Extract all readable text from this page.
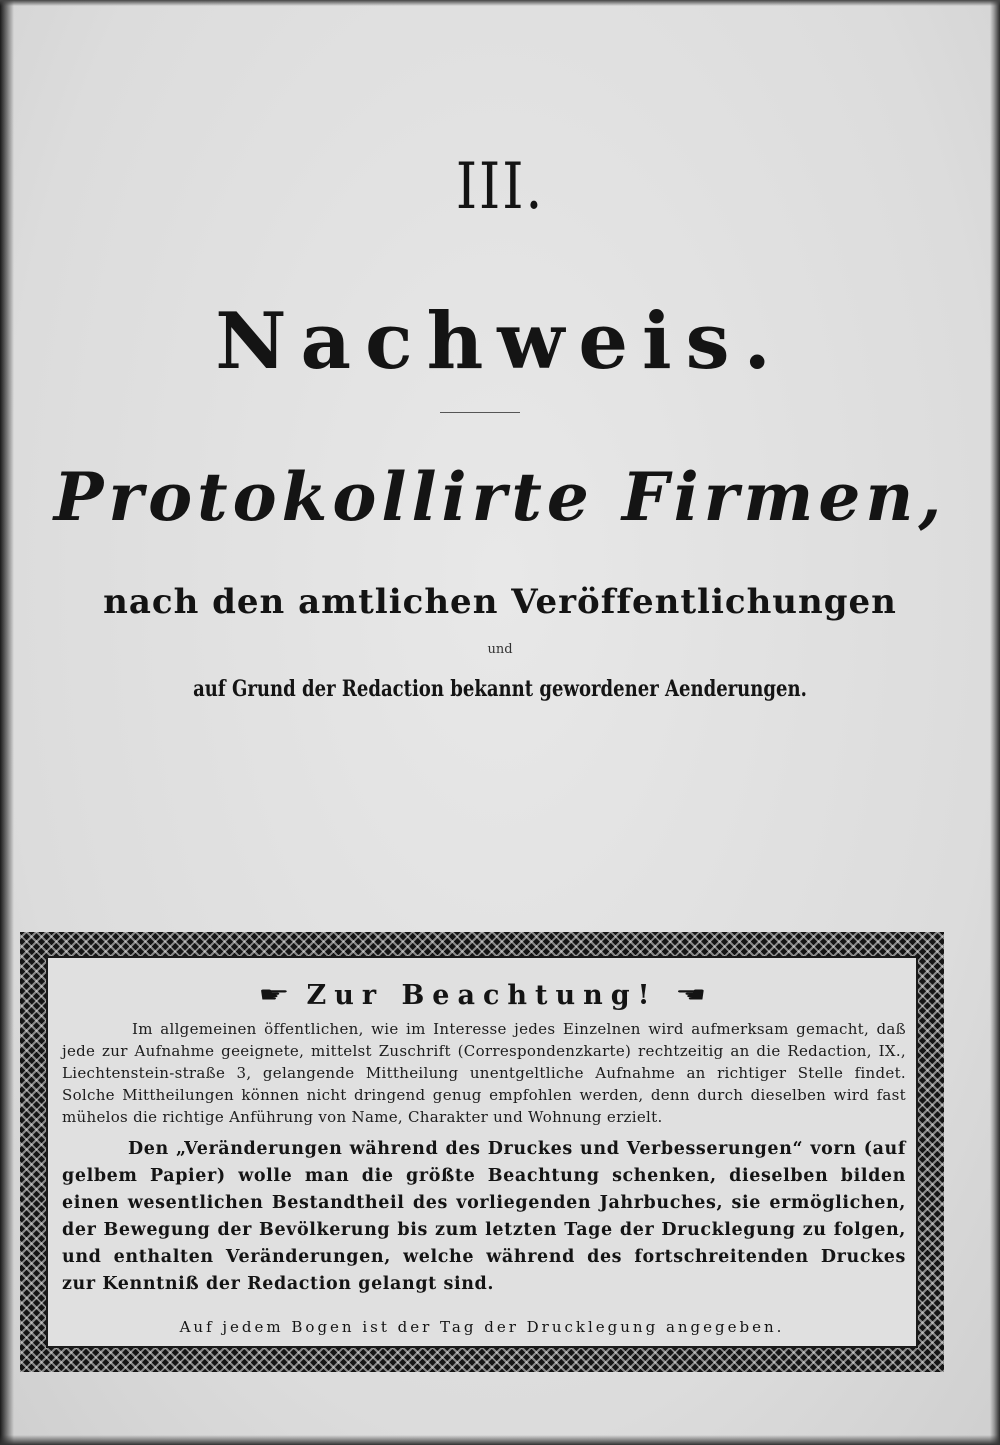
III.
Nachweis.
Protokollirte Firmen,
nach den amtlichen Veröffentlichungen
und
auf Grund der Redaction bekannt gewordener Aenderungen.
☛ Zur Beachtung! ☛
Im allgemeinen öffentlichen, wie im Interesse jedes Einzelnen wird aufmerksam gemacht, daß jede zur Aufnahme geeignete, mittelst Zuschrift (Correspondenzkarte) rechtzeitig an die Redaction, IX., Liechtenstein-straße 3, gelangende Mittheilung unentgeltliche Aufnahme an richtiger Stelle findet. Solche Mittheilungen können nicht dringend genug empfohlen werden, denn durch dieselben wird fast mühelos die richtige Anführung von Name, Charakter und Wohnung erzielt.
Den „Veränderungen während des Druckes und Verbesserungen“ vorn (auf gelbem Papier) wolle man die größte Beachtung schenken, dieselben bilden einen wesentlichen Bestandtheil des vorliegenden Jahrbuches, sie ermöglichen, der Bewegung der Bevölkerung bis zum letzten Tage der Drucklegung zu folgen, und enthalten Veränderungen, welche während des fortschreitenden Druckes zur Kenntniß der Redaction gelangt sind.
Auf jedem Bogen ist der Tag der Drucklegung angegeben.
